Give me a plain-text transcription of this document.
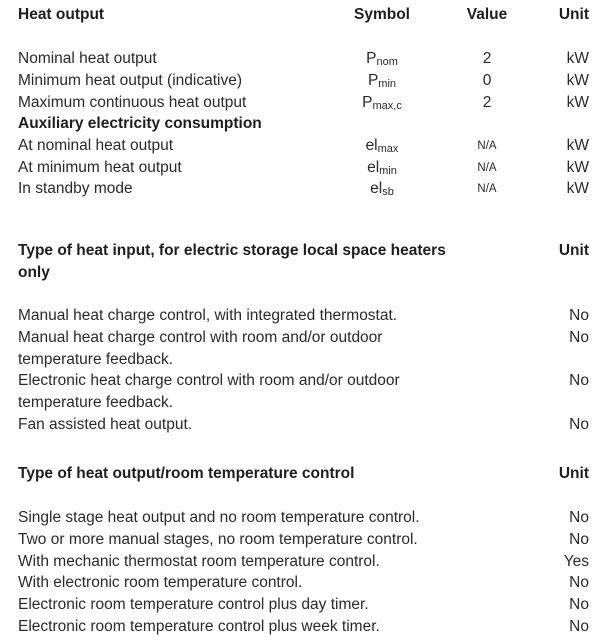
Heat output	Symbol	Value	Unit
Nominal heat output	$P_{nom}$	2	kW
Minimum heat output (indicative)	$P_{min}$	0	kW
Maximum continuous heat output	$P_{max,c}$	2	kW
Auxiliary electricity consumption
At nominal heat output	$el_{max}$	N/A	kW
At minimum heat output	$el_{min}$	N/A	kW
In standby mode	$el_{sb}$	N/A	kW
Type of heat input, for electric storage local space heaters	Unit
only
Manual heat charge control, with integrated thermostat.	No
Manual heat charge control with room and/or outdoor	No
temperature feedback.
Electronic heat charge control with room and/or outdoor	No
temperature feedback.
Fan assisted heat output.	No
Type of heat output/room temperature control	Unit
Single stage heat output and no room temperature control.	No
Two or more manual stages, no room temperature control.	No
With mechanic thermostat room temperature control.	Yes
With electronic room temperature control.	No
Electronic room temperature control plus day timer.	No
Electronic room temperature control plus week timer.	No
